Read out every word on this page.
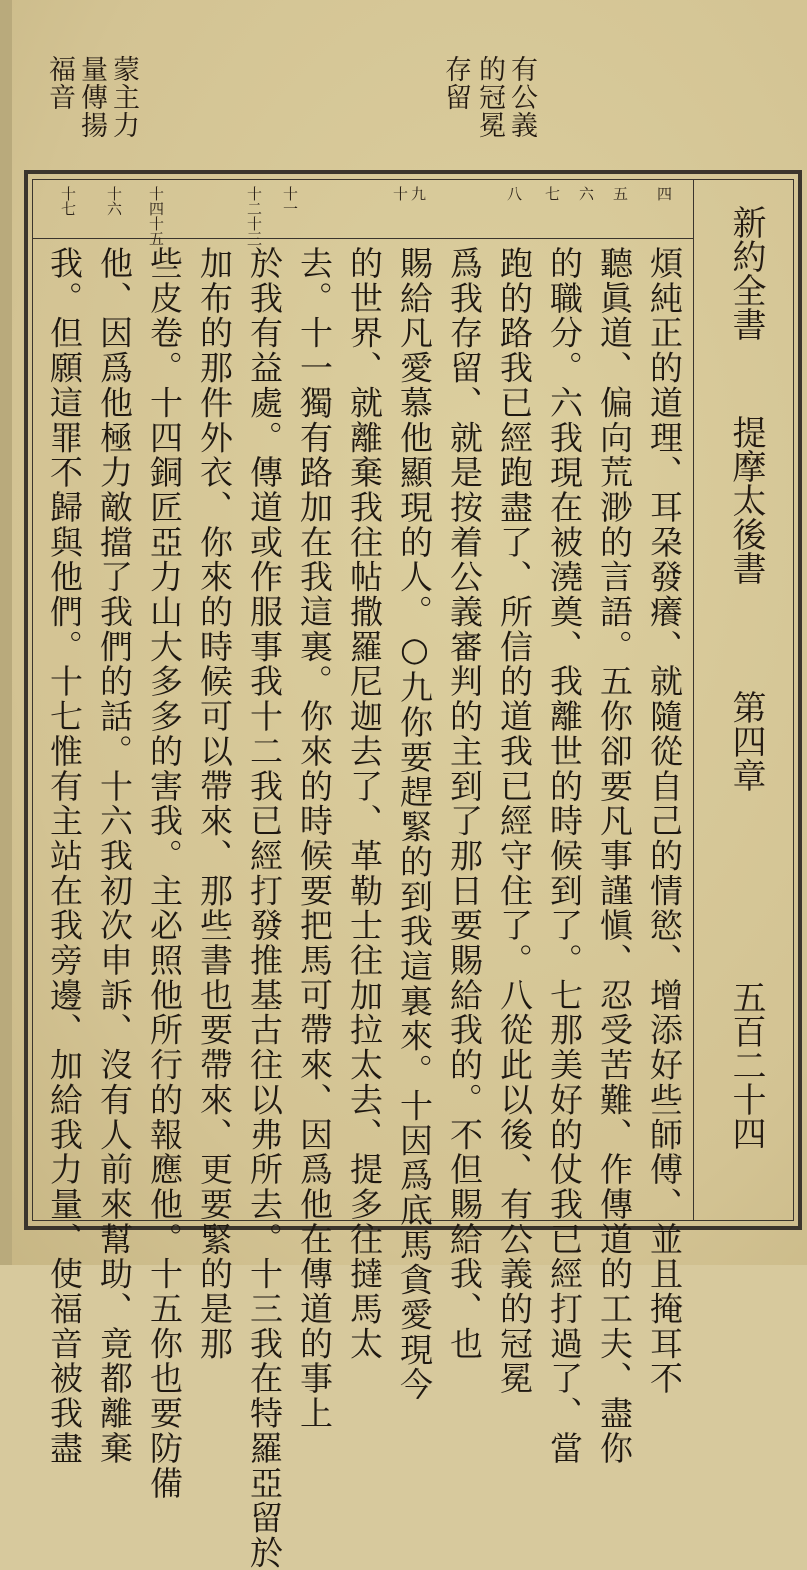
有公義
的冠冕
存留
蒙主力
量傳揚
福音
新約全書
提摩太後書
第四章
五百二十四
四
五
六
七
八
九
十
十一
十二十三
十四十五
十六
十七
煩純正的道理、耳朶發癢、就隨從自己的情慾、增添好些師傅、並且掩耳不
聽眞道、偏向荒渺的言語。五你卻要凡事謹愼、忍受苦難、作傳道的工夫、盡你
的職分。六我現在被澆奠、我離世的時候到了。七那美好的仗我已經打過了、當
跑的路我已經跑盡了、所信的道我已經守住了。八從此以後、有公義的冠冕
爲我存留、就是按着公義審判的主到了那日要賜給我的。不但賜給我、也
賜給凡愛慕他顯現的人。○九你要趕緊的到我這裏來。十因爲底馬貪愛現今
的世界、就離棄我往帖撒羅尼迦去了、革勒士往加拉太去、提多往撻馬太
去。十一獨有路加在我這裏。你來的時候要把馬可帶來、因爲他在傳道的事上
於我有益處。傳道或作服事我十二我已經打發推基古往以弗所去。十三我在特羅亞留於
加布的那件外衣、你來的時候可以帶來、那些書也要帶來、更要緊的是那
些皮卷。十四銅匠亞力山大多多的害我。主必照他所行的報應他。十五你也要防備
他、因爲他極力敵擋了我們的話。十六我初次申訴、沒有人前來幫助、竟都離棄
我。但願這罪不歸與他們。十七惟有主站在我旁邊、加給我力量、使福音被我盡
